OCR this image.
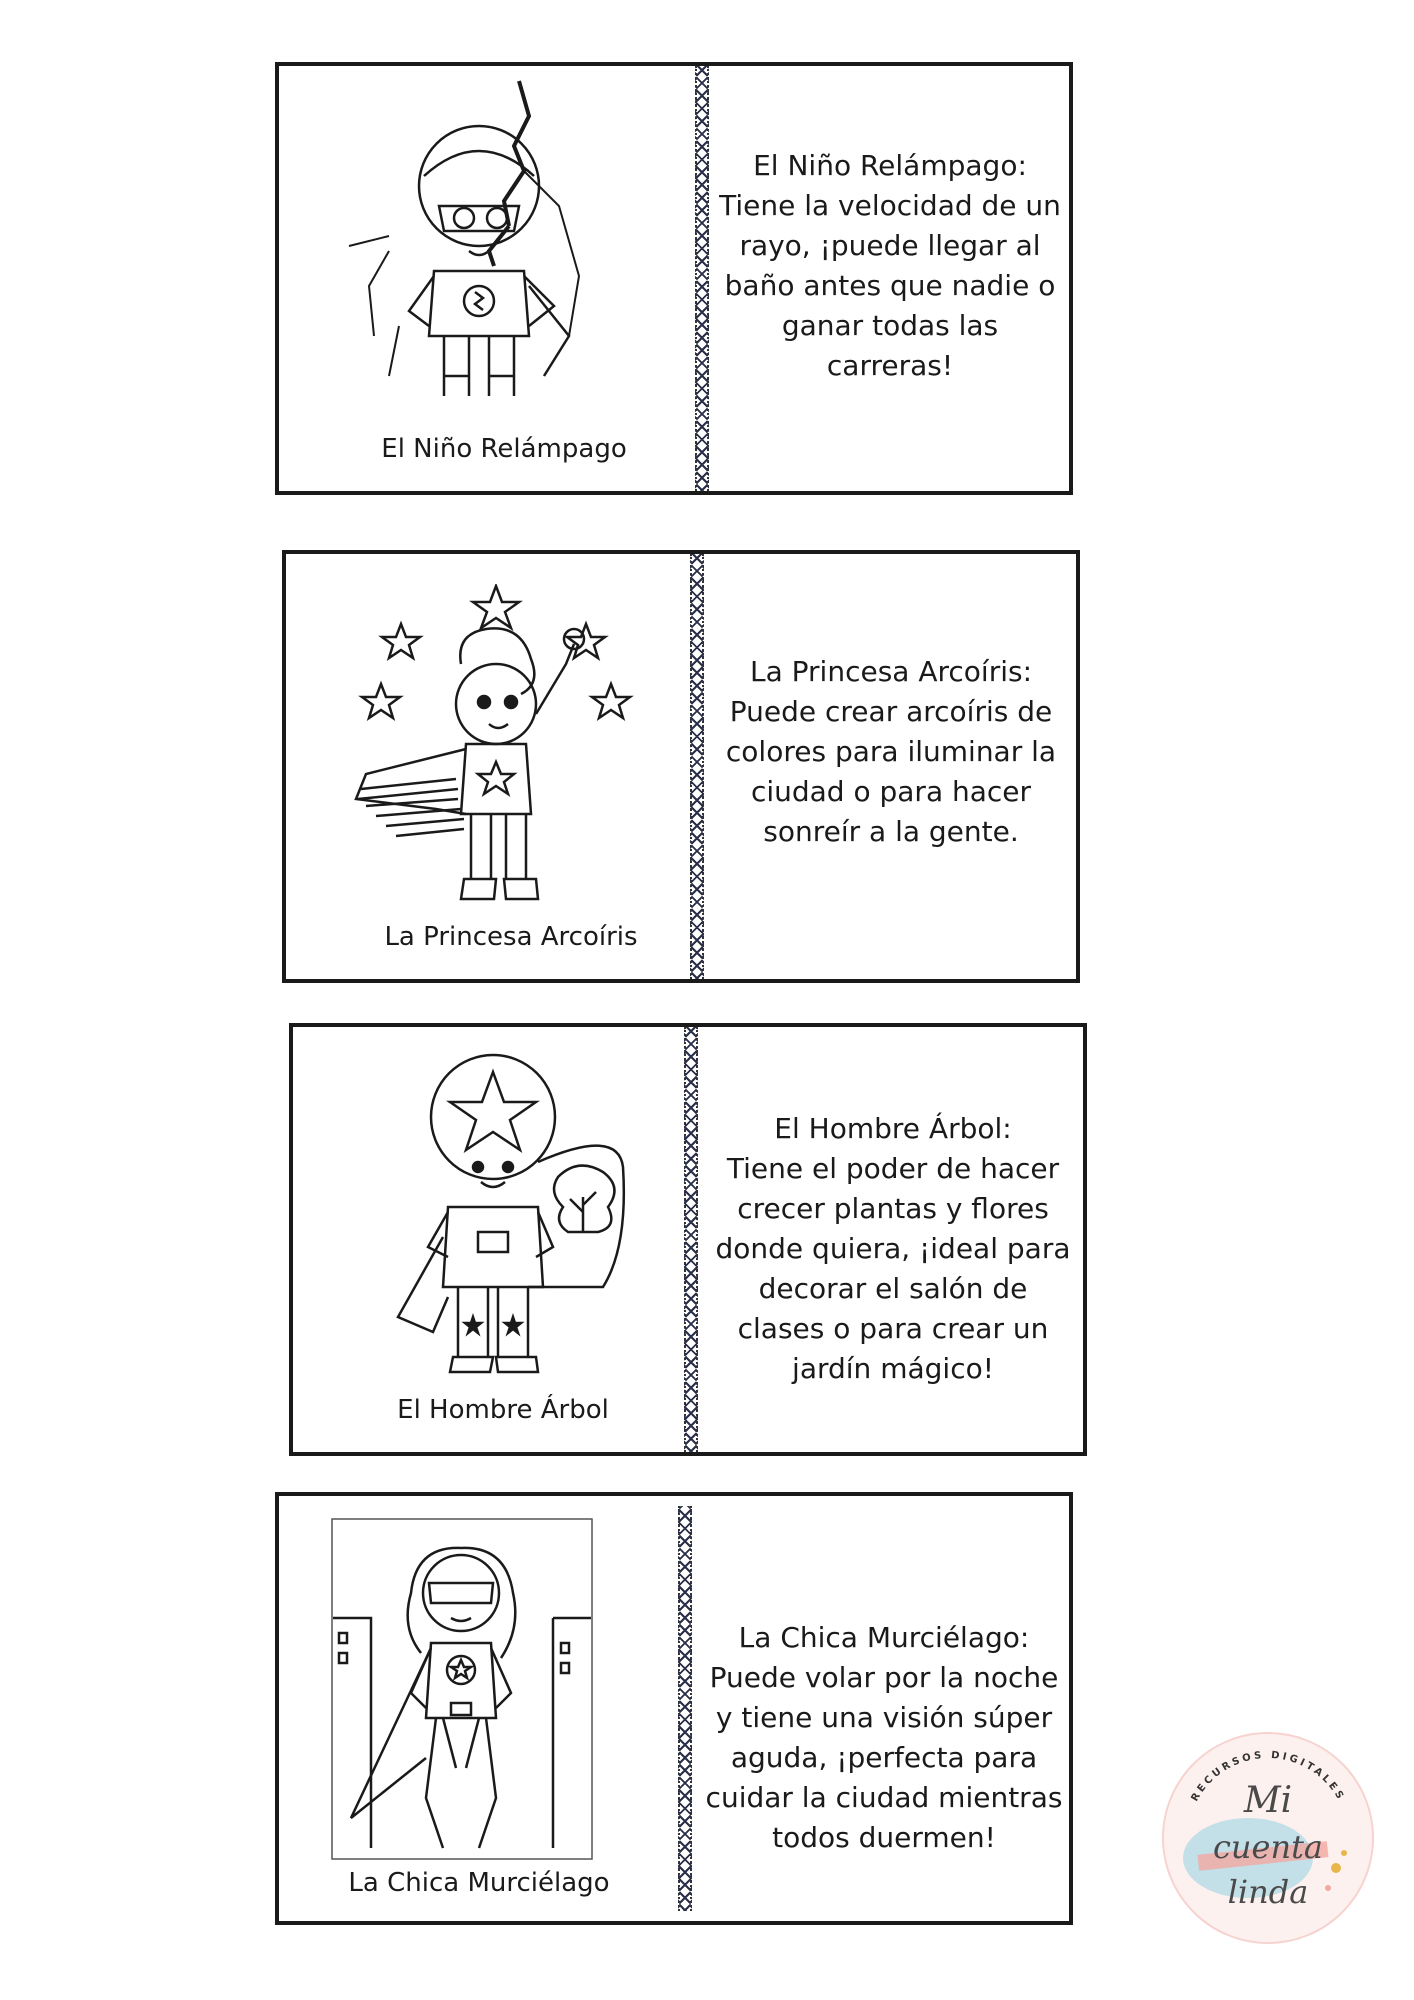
El Niño Relámpago
El Niño Relámpago:
Tiene la velocidad de un
rayo, ¡puede llegar al
baño antes que nadie o
ganar todas las
carreras!
La Princesa Arcoíris
La Princesa Arcoíris:
Puede crear arcoíris de
colores para iluminar la
ciudad o para hacer
sonreír a la gente.
El Hombre Árbol
El Hombre Árbol:
Tiene el poder de hacer
crecer plantas y flores
donde quiera, ¡ideal para
decorar el salón de
clases o para crear un
jardín mágico!
La Chica Murciélago
La Chica Murciélago:
Puede volar por la noche
y tiene una visión súper
aguda, ¡perfecta para
cuidar la ciudad mientras
todos duermen!
RECURSOS DIGITALES
Mi
cuenta
linda
